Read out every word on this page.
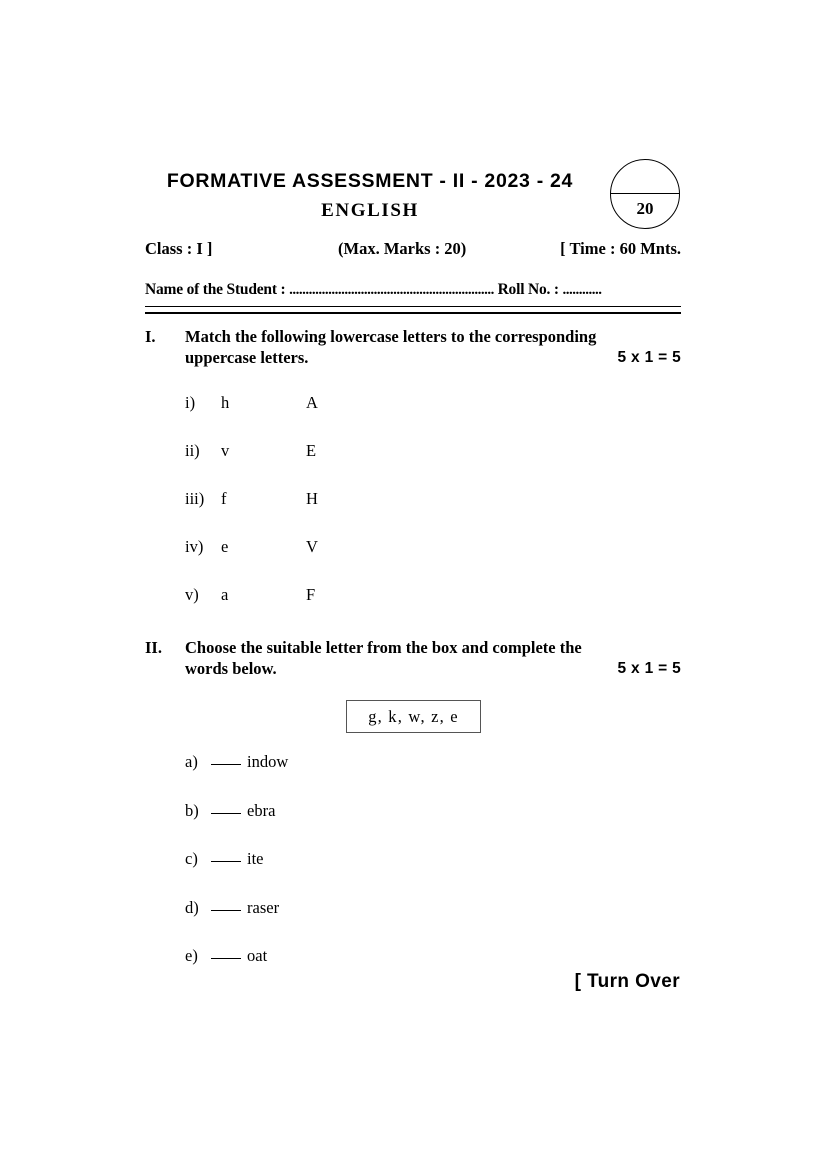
FORMATIVE ASSESSMENT - II - 2023 - 24
ENGLISH	20
Class : I ]	(Max. Marks : 20)	[ Time : 60 Mnts.
Name of the Student : ............................................................... Roll No. : ............
I.	Match the following lowercase letters to the corresponding uppercase letters.	5 x 1 = 5
i)	h	A
ii)	v	E
iii)	f	H
iv)	e	V
v)	a	F
II.	Choose the suitable letter from the box and complete the words below.	5 x 1 = 5
g, k, w, z, e
a)	indow
b)	ebra
c)	ite
d)	raser
e)	oat
[ Turn Over
